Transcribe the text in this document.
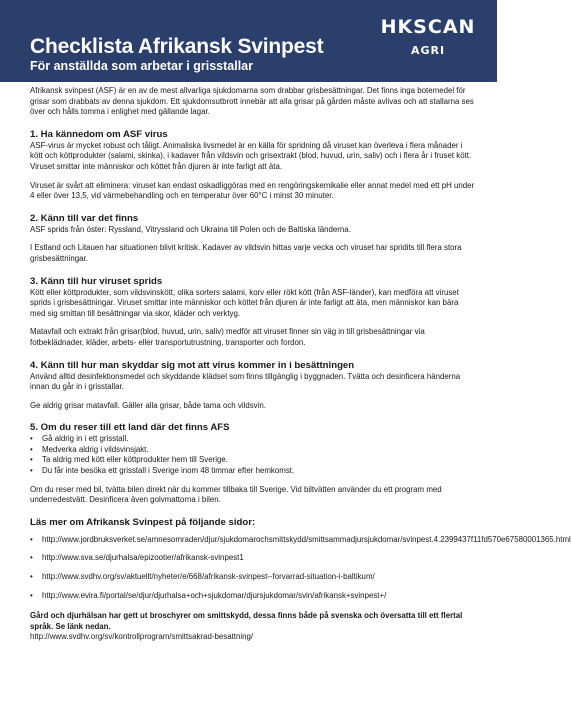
Checklista Afrikansk Svinpest
För anställda som arbetar i grisstallar
HKSCAN
AGRI

Afrikansk svinpest (ASF) är en av de mest allvarliga sjukdomarna som drabbar grisbesättningar. Det finns inga botemedel för grisar som drabbats av denna sjukdom. Ett sjukdomsutbrott innebär att alla grisar på gården måste avlivas och att stallarna ses över och hålls tomma i enlighet med gällande lagar.

1. Ha kännedom om ASF virus

ASF-virus är mycket robust och tåligt. Animaliska livsmedel är en källa för spridning då viruset kan överleva i flera månader i kött och köttprodukter (salami, skinka), i kadaver från vildsvin och grisextrakt (blod, huvud, urin, saliv) och i flera år i fruset kött. Viruset smittar inte människor och köttet från djuren är inte farligt att äta.

Viruset är svårt att eliminera: viruset kan endast oskadliggöras med en rengöringskemikalie eller annat medel med ett pH under 4 eller över 13,5, vid värmebehandling och en temperatur över 60°C i minst 30 minuter.

2. Känn till var det finns

ASF sprids från öster: Ryssland, Vitryssland och Ukraina till Polen och de Baltiska länderna.

I Estland och Litauen har situationen blivit kritisk. Kadaver av vildsvin hittas varje vecka och viruset har spridits till flera stora grisbesättningar.

3. Känn till hur viruset sprids

Kött eller köttprodukter, som vildsvinskött, olika sorters salami, korv eller rökt kött (från ASF-länder), kan medföra att viruset sprids i grisbesättningar. Viruset smittar inte människor och köttet från djuren är inte farligt att äta, men människor kan bära med sig smittan till besättningar via skor, kläder och verktyg.

Matavfall och extrakt från grisar(blod, huvud, urin, saliv) medför att viruset finner sin väg in till grisbesättningar via fotbeklädnader, kläder, arbets- eller transportutrustning, transporter och fordon.

4. Känn till hur man skyddar sig mot att virus kommer in i besättningen

Använd alltid desinfektionsmedel och skyddande klädsel som finns tillgänglig i byggnaden. Tvätta och desinficera händerna innan du går in i grisstallar.

Ge aldrig grisar matavfall. Gäller alla grisar, både tama och vildsvin.

5. Om du reser till ett land där det finns AFS
• Gå aldrig in i ett grisstall.
• Medverka aldrig i vildsvinsjakt.
• Ta aldrig med kött eller köttprodukter hem till Sverige.
• Du får inte besöka ett grisstall i Sverige inom 48 timmar efter hemkomst.

Om du reser med bil, tvätta bilen direkt när du kommer tillbaka till Sverige. Vid biltvätten använder du ett program med underredestvätt. Desinficera även golvmattorna i bilen.

Läs mer om Afrikansk Svinpest på följande sidor:
• http://www.jordbruksverket.se/amnesomraden/djur/sjukdomarochsmittskydd/smittsammadjursjukdomar/svinpest.4.2399437f11fd570e67580001365.html
• http://www.sva.se/djurhalsa/epizootier/afrikansk-svinpest1
• http://www.svdhv.org/sv/aktuellt/nyheter/e/668/afrikansk-svinpest--forvarrad-situation-i-baltikum/
• http://www.evira.fi/portal/se/djur/djurhalsa+och+sjukdomar/djursjukdomar/svin/afrikansk+svinpest+/

Gård och djurhälsan har gett ut broschyrer om smittskydd, dessa finns både på svenska och översatta till ett flertal språk. Se länk nedan.

http://www.svdhv.org/sv/kontrollprogram/smittsakrad-besattning/
